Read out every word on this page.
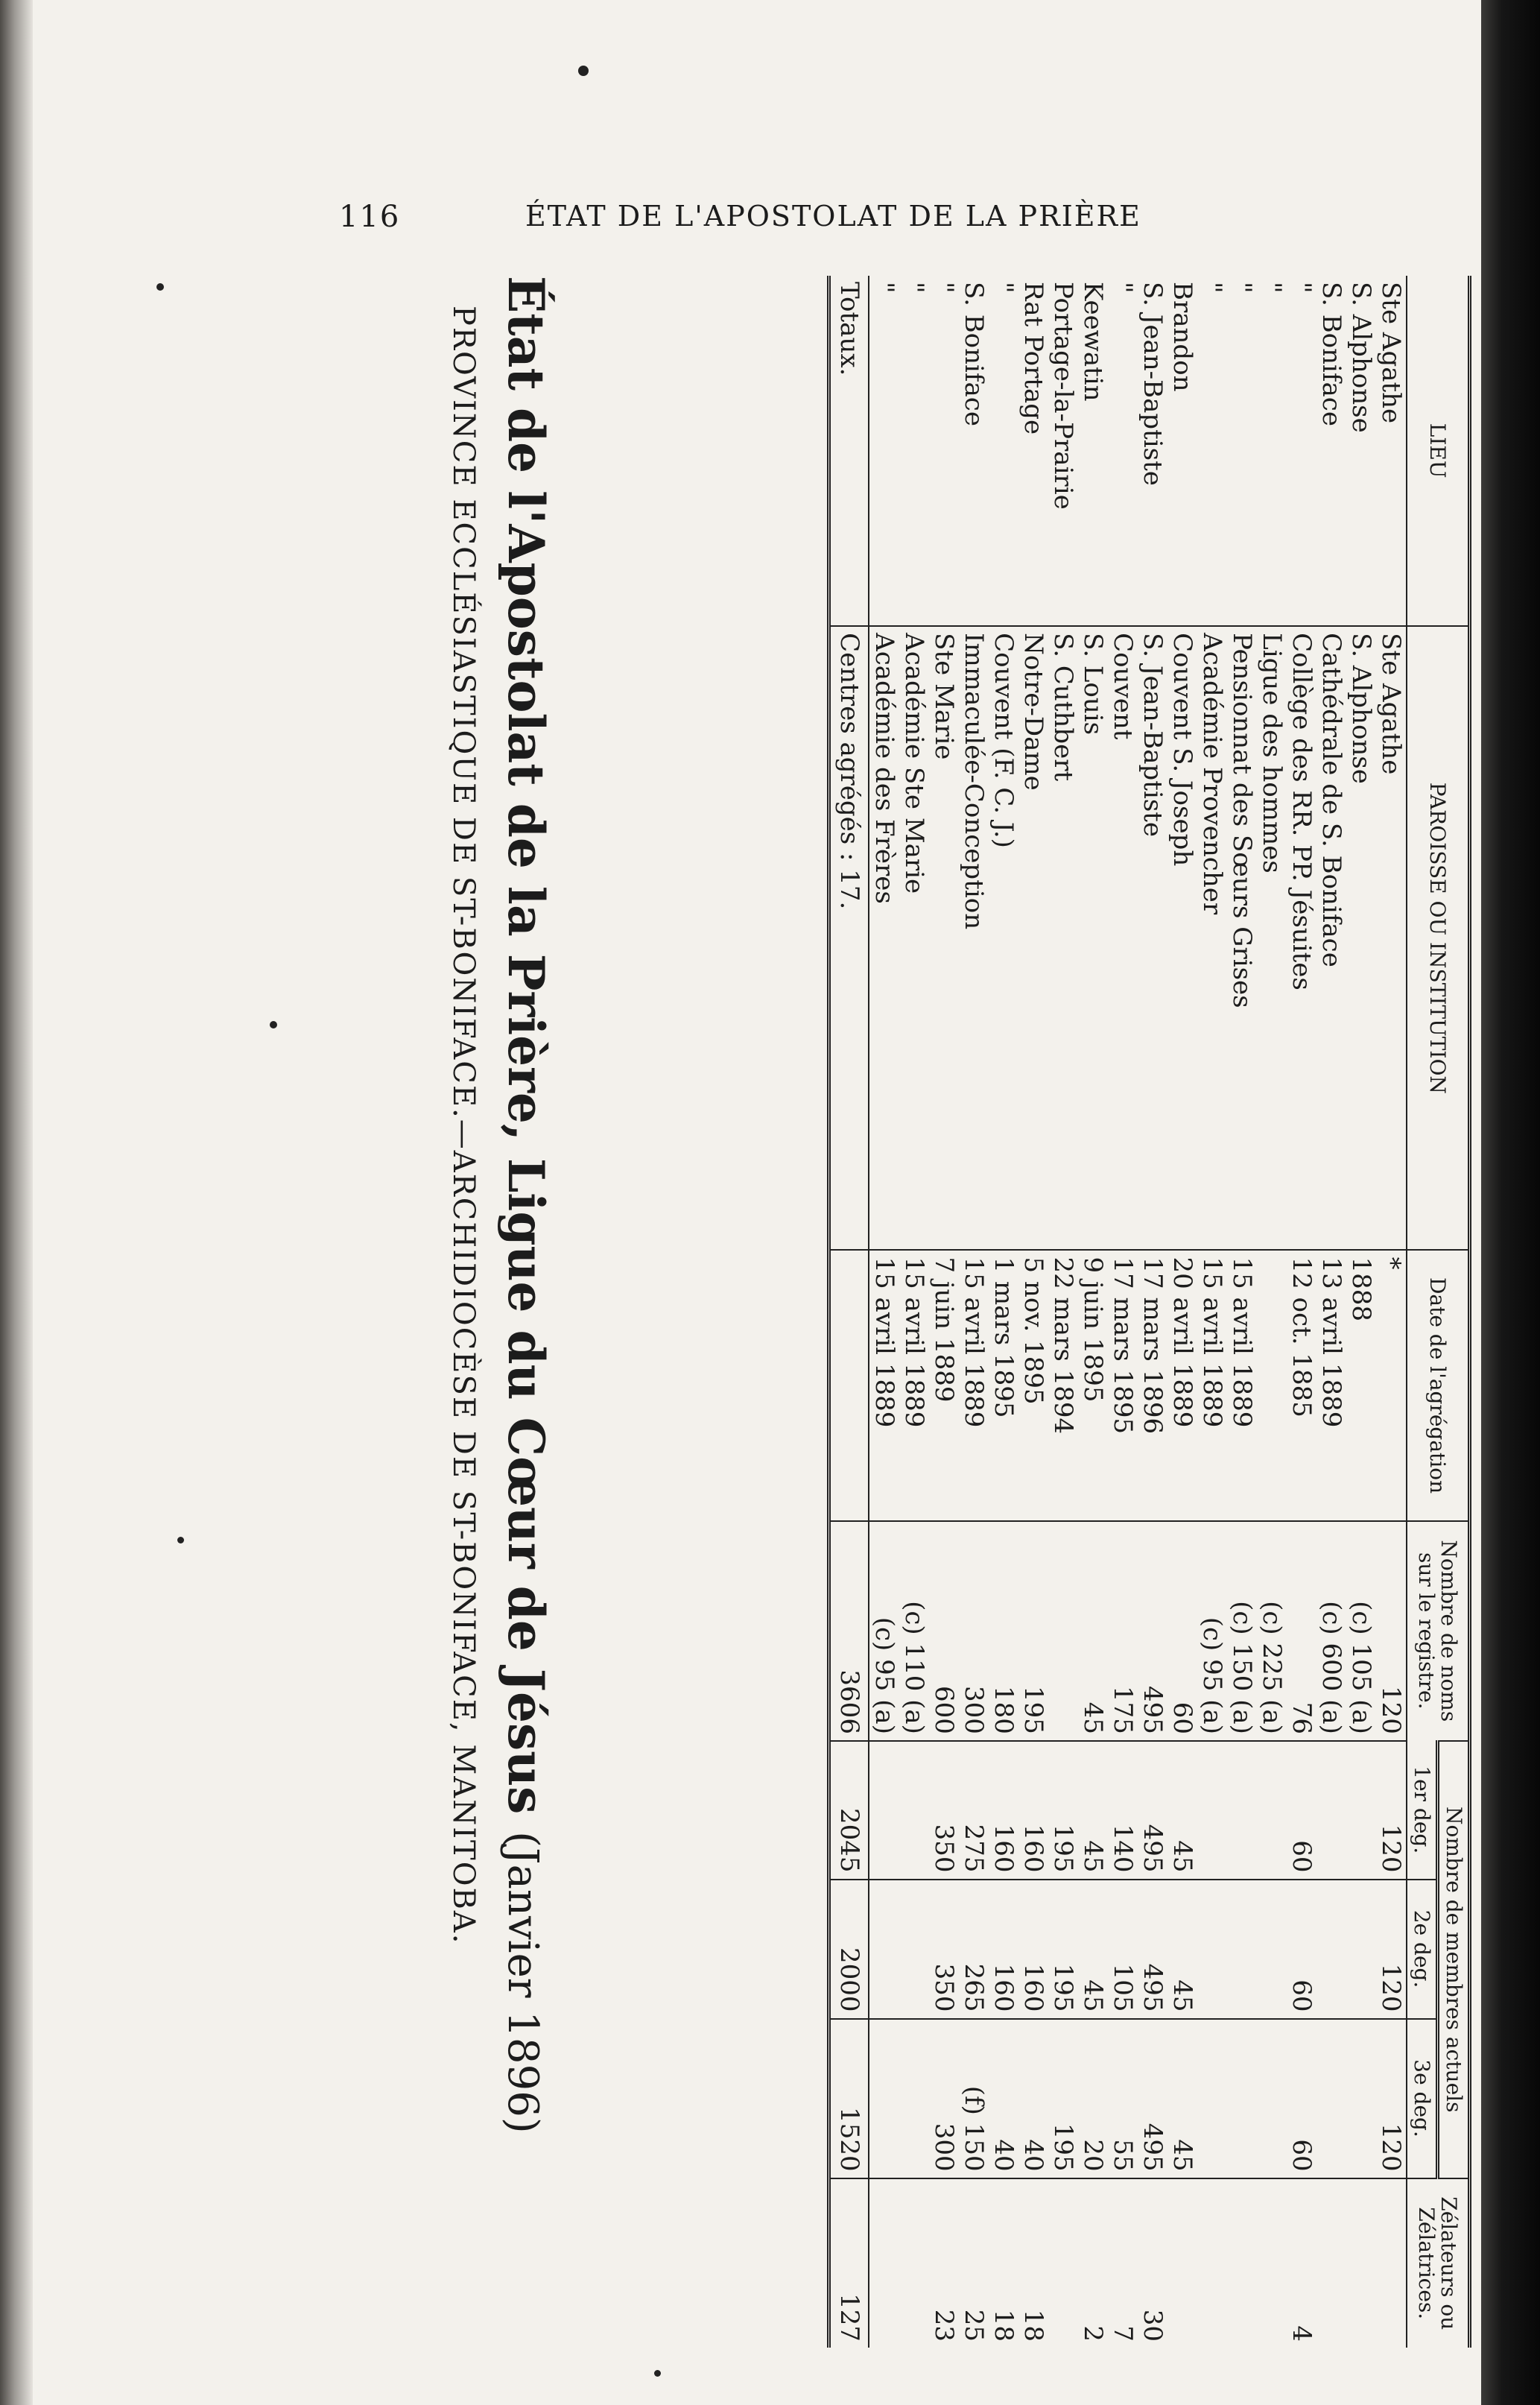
116	ÉTAT DE L'APOSTOLAT DE LA PRIÈRE
LIEU	PAROISSE OU INSTITUTION	Date de l'agrégation	Nombre de noms sur le registre.	Nombre de membres actuels			Zélateurs ou Zélatrices.
				1er deg.	2e deg.	3e deg.	
Ste Agathe	Ste Agathe	*	120	120	120	120	
S. Alphonse	S. Alphonse	1888	(c) 105 (a)				
S. Boniface	Cathédrale de S. Boniface	13 avril 1889	(c) 600 (a)				
"	Collège des RR. PP. Jésuites	12 oct. 1885	76	60	60	60	4
"	Ligue des hommes		(c) 225 (a)				
"	Pensionnat des Sœurs Grises	15 avril 1889	(c) 150 (a)				
"	Académie Provencher	15 avril 1889	(c) 95 (a)				
Brandon	Couvent S. Joseph	20 avril 1889	60	45	45	45	
S. Jean-Baptiste	S. Jean-Baptiste	17 mars 1896	495	495	495	495	30
"	Couvent	17 mars 1895	175	140	105	55	7
Keewatin	S. Louis	9 juin 1895	45	45	45	20	2
Portage-la-Prairie	S. Cuthbert	22 mars 1894		195	195	195	
Rat Portage	Notre-Dame	5 nov. 1895	195	160	160	40	18
"	Couvent (F. C. J.)	1 mars 1895	180	160	160	40	18
S. Boniface	Immaculée-Conception	15 avril 1889	300	275	265	(f) 150	25
"	Ste Marie	7 juin 1889	600	350	350	300	23
"	Académie Ste Marie	15 avril 1889	(c) 110 (a)				
"	Académie des Frères	15 avril 1889	(c) 95 (a)				
Totaux.	Centres agrégés : 17.		3606	2045	2000	1520	127
État de l'Apostolat de la Prière, Ligue du Cœur de Jésus (Janvier 1896)
PROVINCE ECCLÉSIASTIQUE DE ST-BONIFACE.—ARCHIDIOCÈSE DE ST-BONIFACE, MANITOBA.
